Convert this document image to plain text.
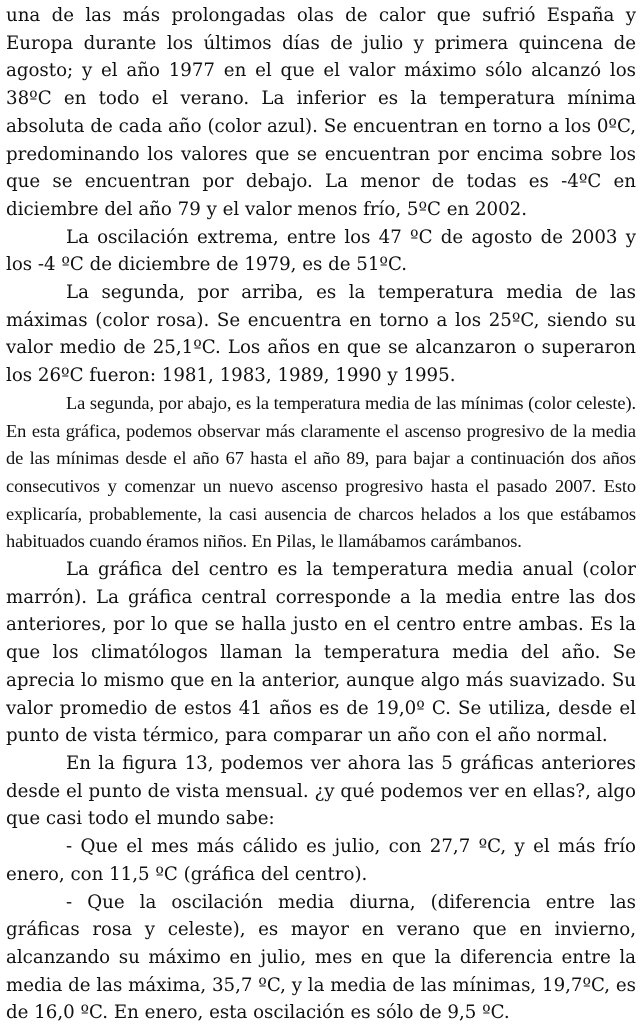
una de las más prolongadas olas de calor que sufrió España y Europa durante los últimos días de julio y primera quincena de agosto; y el año 1977 en el que el valor máximo sólo alcanzó los 38ºC en todo el verano. La inferior es la temperatura mínima absoluta de cada año (color azul). Se encuentran en torno a los 0ºC, predominando los valores que se encuentran por encima sobre los que se encuentran por debajo. La menor de todas es -4ºC en diciembre del año 79 y el valor menos frío, 5ºC en 2002.

La oscilación extrema, entre los 47 ºC de agosto de 2003 y los -4 ºC de diciembre de 1979, es de 51ºC.

La segunda, por arriba, es la temperatura media de las máximas (color rosa). Se encuentra en torno a los 25ºC, siendo su valor medio de 25,1ºC. Los años en que se alcanzaron o superaron los 26ºC fueron: 1981, 1983, 1989, 1990 y 1995.

La segunda, por abajo, es la temperatura media de las mínimas (color celeste). En esta gráfica, podemos observar más claramente el ascenso progresivo de la media de las mínimas desde el año 67 hasta el año 89, para bajar a continuación dos años consecutivos y comenzar un nuevo ascenso progresivo hasta el pasado 2007. Esto explicaría, probablemente, la casi ausencia de charcos helados a los que estábamos habituados cuando éramos niños. En Pilas, le llamábamos carámbanos.

La gráfica del centro es la temperatura media anual (color marrón). La gráfica central corresponde a la media entre las dos anteriores, por lo que se halla justo en el centro entre ambas. Es la que los climatólogos llaman la temperatura media del año. Se aprecia lo mismo que en la anterior, aunque algo más suavizado. Su valor promedio de estos 41 años es de 19,0º C. Se utiliza, desde el punto de vista térmico, para comparar un año con el año normal.

En la figura 13, podemos ver ahora las 5 gráficas anteriores desde el punto de vista mensual. ¿y qué podemos ver en ellas?, algo que casi todo el mundo sabe:

- Que el mes más cálido es julio, con 27,7 ºC, y el más frío enero, con 11,5 ºC (gráfica del centro).

- Que la oscilación media diurna, (diferencia entre las gráficas rosa y celeste), es mayor en verano que en invierno, alcanzando su máximo en julio, mes en que la diferencia entre la media de las máxima, 35,7 ºC, y la media de las mínimas, 19,7ºC, es de 16,0 ºC. En enero, esta oscilación es sólo de 9,5 ºC.
